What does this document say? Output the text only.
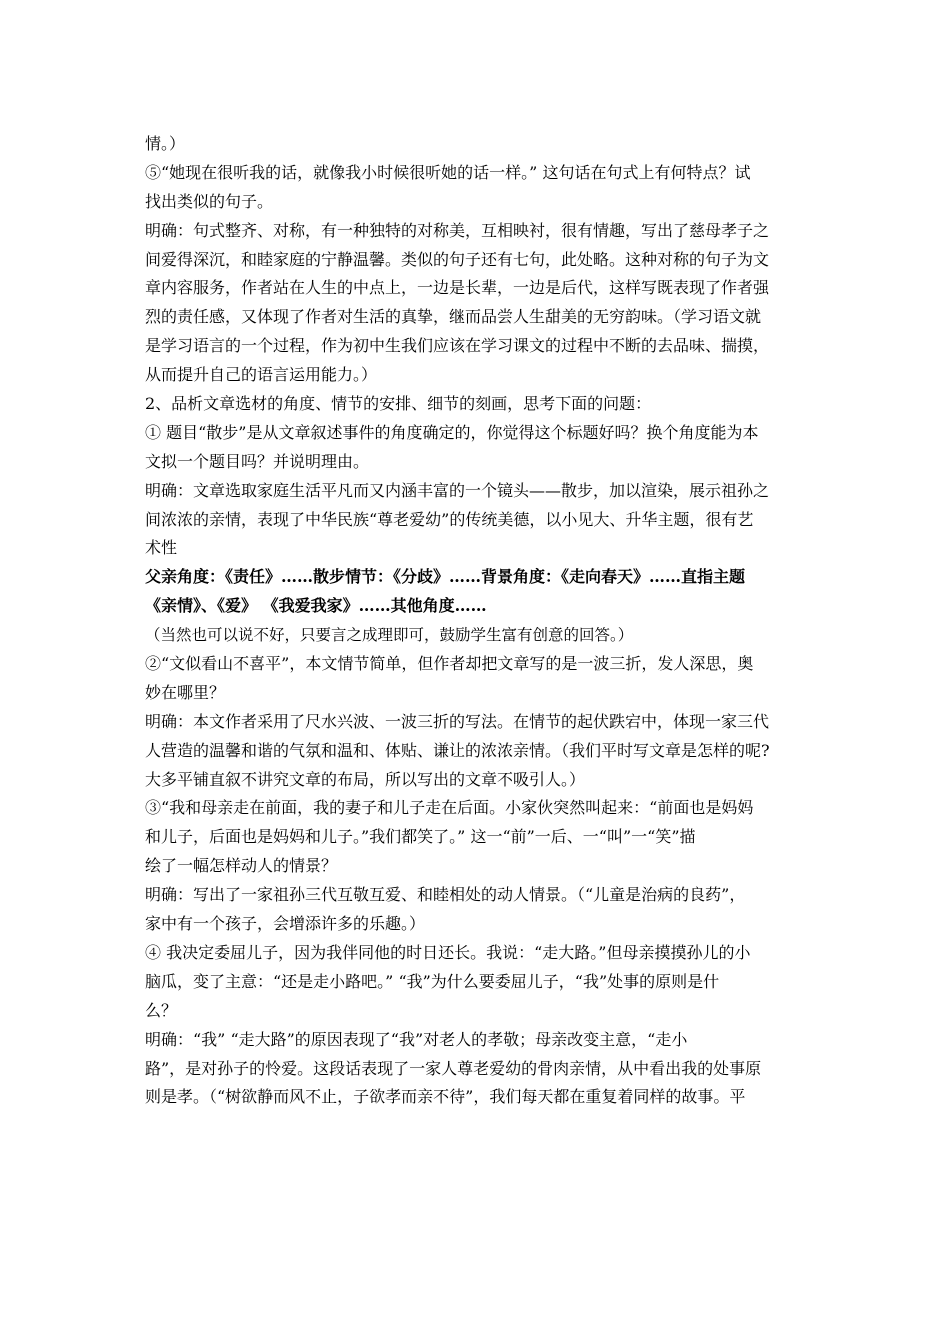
情。）
⑤“她现在很听我的话，就像我小时候很听她的话一样。” 这句话在句式上有何特点？试
找出类似的句子。
明确：句式整齐、对称，有一种独特的对称美，互相映衬，很有情趣，写出了慈母孝子之
间爱得深沉，和睦家庭的宁静温馨。类似的句子还有七句，此处略。这种对称的句子为文
章内容服务，作者站在人生的中点上，一边是长辈，一边是后代，这样写既表现了作者强
烈的责任感，又体现了作者对生活的真挚，继而品尝人生甜美的无穷韵味。（学习语文就
是学习语言的一个过程，作为初中生我们应该在学习课文的过程中不断的去品味、揣摸，
从而提升自己的语言运用能力。）
2、品析文章选材的角度、情节的安排、细节的刻画，思考下面的问题：
① 题目“散步”是从文章叙述事件的角度确定的，你觉得这个标题好吗？换个角度能为本
文拟一个题目吗？并说明理由。
明确：文章选取家庭生活平凡而又内涵丰富的一个镜头——散步，加以渲染，展示祖孙之
间浓浓的亲情，表现了中华民族“尊老爱幼”的传统美德，以小见大、升华主题，很有艺
术性
父亲角度：《责任》……散步情节：《分歧》……背景角度：《走向春天》……直指主题
《亲情》、《爱》 《我爱我家》……其他角度……
（当然也可以说不好，只要言之成理即可，鼓励学生富有创意的回答。）
②“文似看山不喜平”，本文情节简单，但作者却把文章写的是一波三折，发人深思，奥
妙在哪里？
明确：本文作者采用了尺水兴波、一波三折的写法。在情节的起伏跌宕中，体现一家三代
人营造的温馨和谐的气氛和温和、体贴、谦让的浓浓亲情。（我们平时写文章是怎样的呢?
大多平铺直叙不讲究文章的布局，所以写出的文章不吸引人。）
③“我和母亲走在前面，我的妻子和儿子走在后面。小家伙突然叫起来：“前面也是妈妈
和儿子，后面也是妈妈和儿子。”我们都笑了。” 这一“前”一后、一“叫”一“笑”描
绘了一幅怎样动人的情景？
明确：写出了一家祖孙三代互敬互爱、和睦相处的动人情景。（“儿童是治病的良药”，
家中有一个孩子，会增添许多的乐趣。）
④ 我决定委屈儿子，因为我伴同他的时日还长。我说：“走大路。”但母亲摸摸孙儿的小
脑瓜，变了主意：“还是走小路吧。” “我”为什么要委屈儿子，“我”处事的原则是什
么？
明确：“我” “走大路”的原因表现了“我”对老人的孝敬；母亲改变主意，“走小
路”，是对孙子的怜爱。这段话表现了一家人尊老爱幼的骨肉亲情，从中看出我的处事原
则是孝。（“树欲静而风不止，子欲孝而亲不待”，我们每天都在重复着同样的故事。平
